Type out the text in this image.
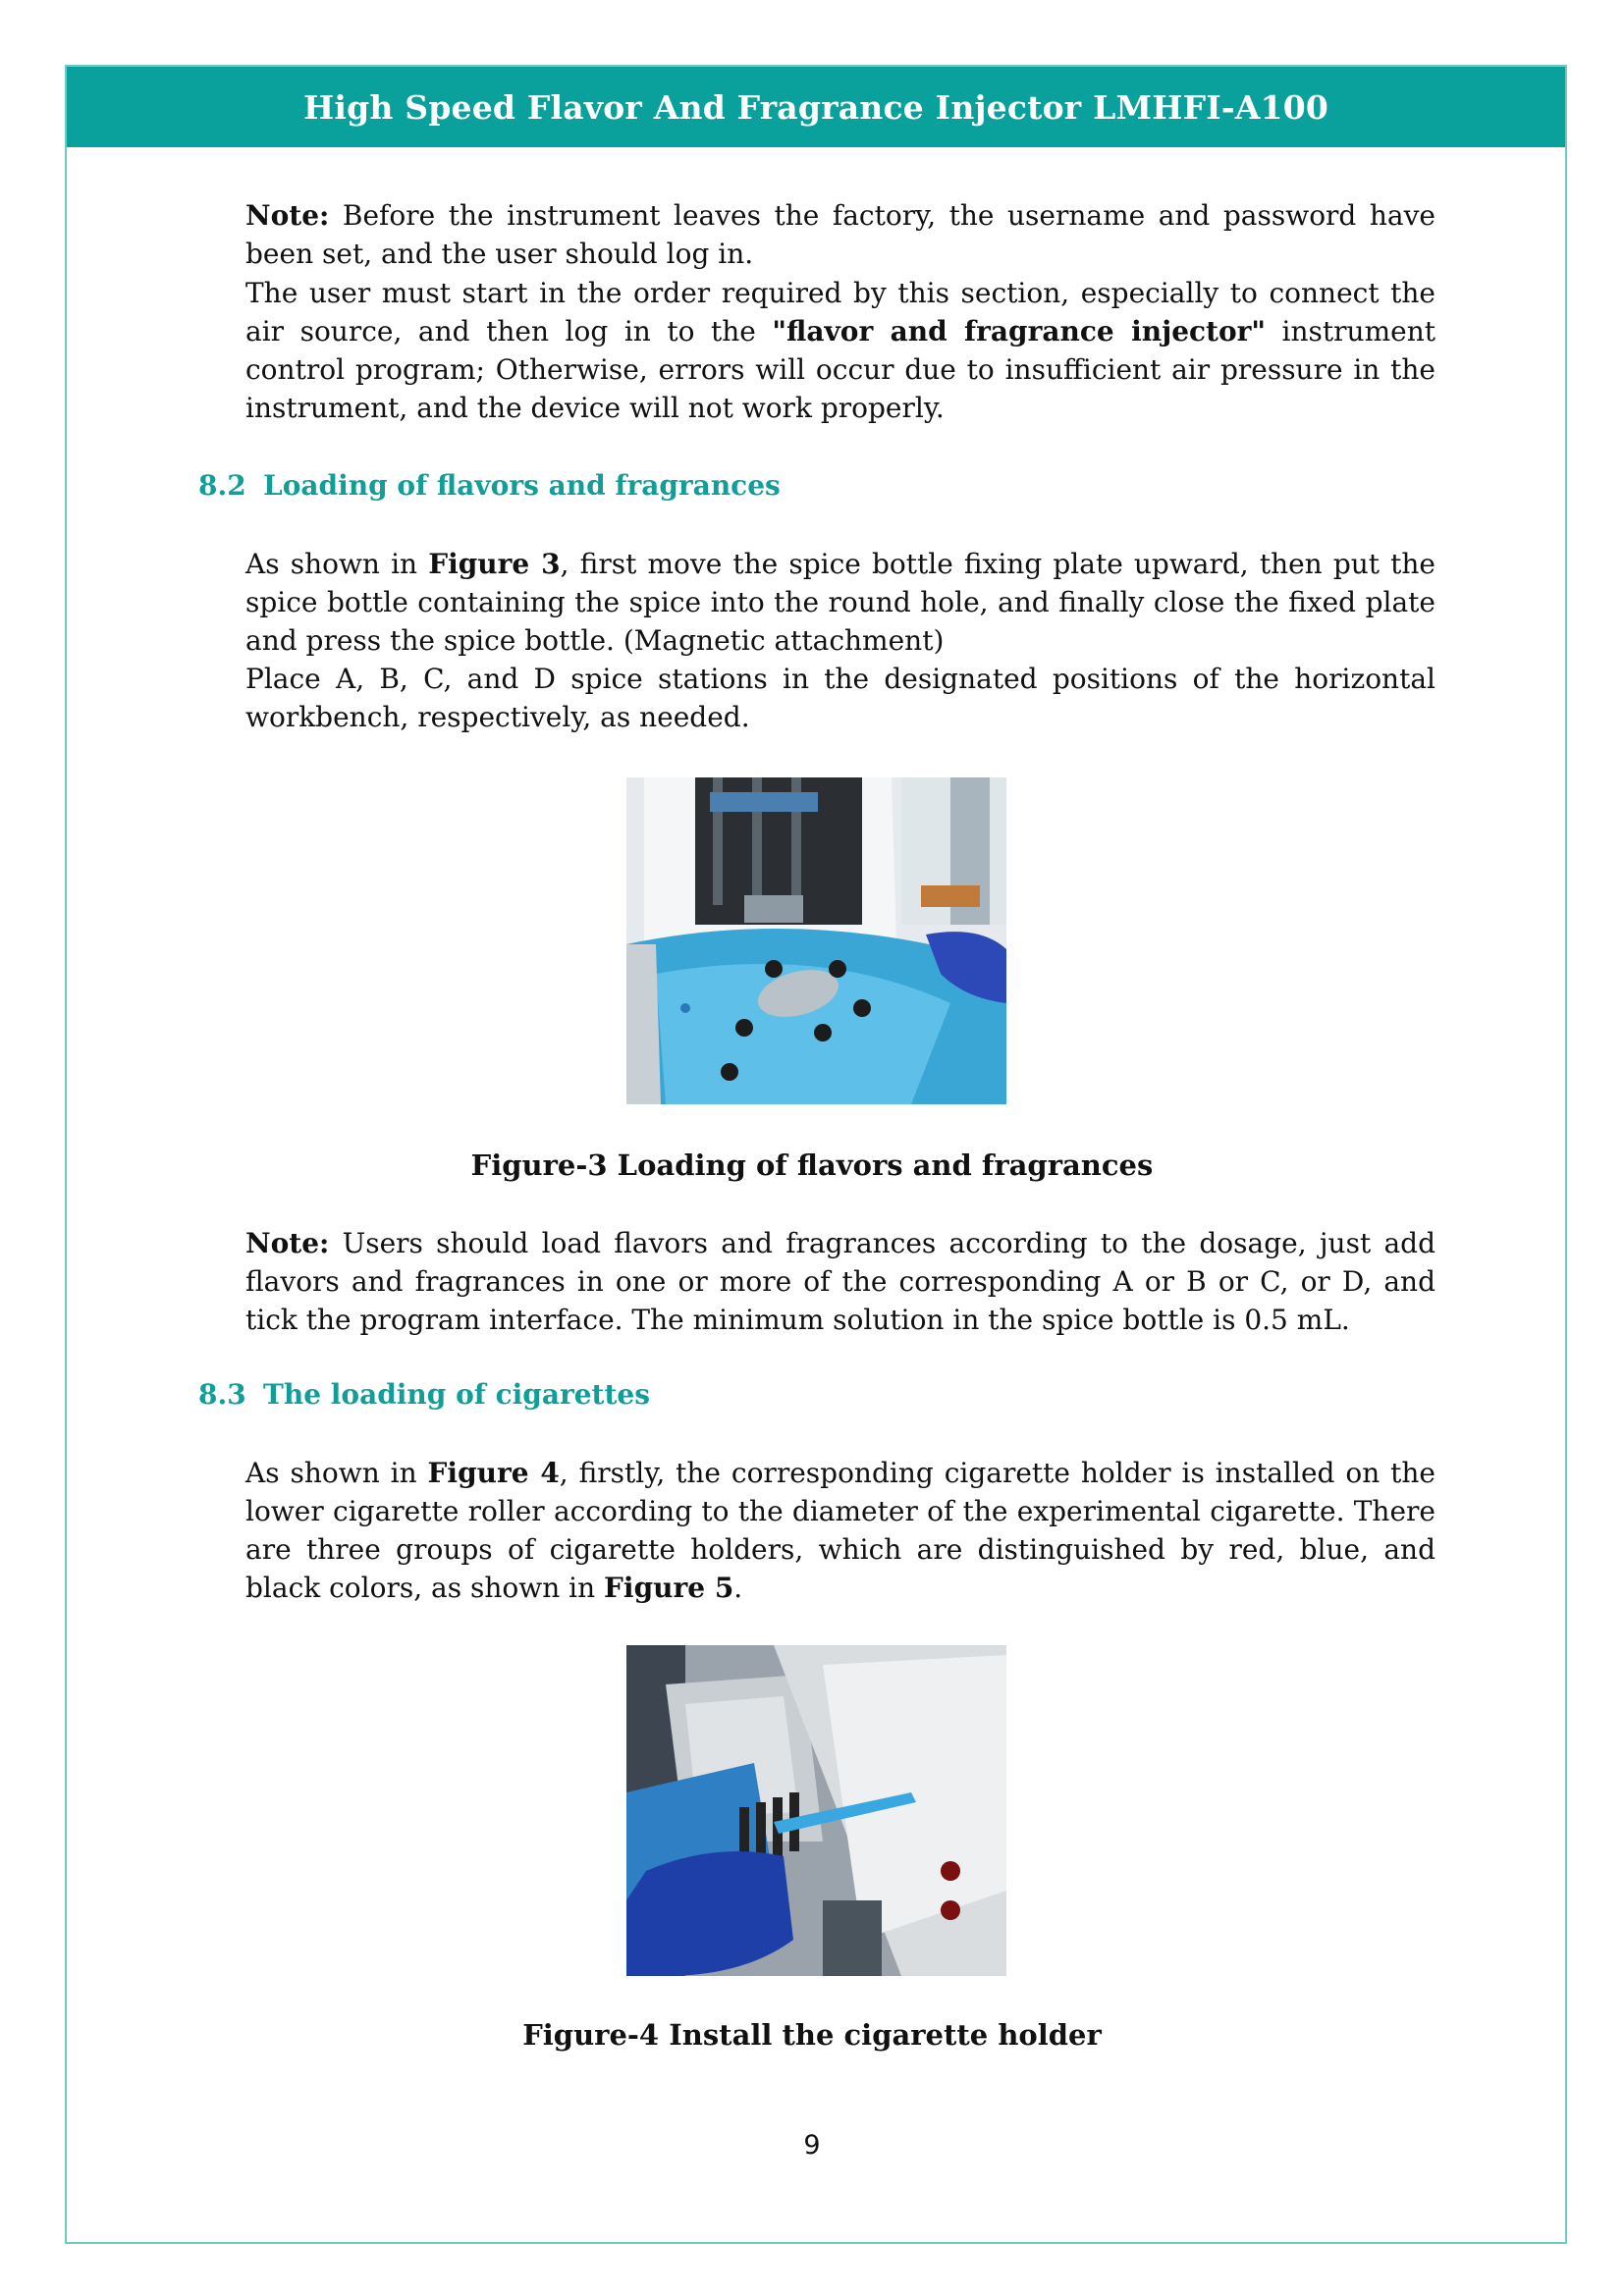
High Speed Flavor And Fragrance Injector LMHFI-A100
Note: Before the instrument leaves the factory, the username and password have been set, and the user should log in.
The user must start in the order required by this section, especially to connect the air source, and then log in to the "flavor and fragrance injector" instrument control program; Otherwise, errors will occur due to insufficient air pressure in the instrument, and the device will not work properly.
8.2 Loading of flavors and fragrances
As shown in Figure 3, first move the spice bottle fixing plate upward, then put the spice bottle containing the spice into the round hole, and finally close the fixed plate and press the spice bottle. (Magnetic attachment)
Place A, B, C, and D spice stations in the designated positions of the horizontal workbench, respectively, as needed.
Figure-3 Loading of flavors and fragrances
Note: Users should load flavors and fragrances according to the dosage, just add flavors and fragrances in one or more of the corresponding A or B or C, or D, and tick the program interface. The minimum solution in the spice bottle is 0.5 mL.
8.3 The loading of cigarettes
As shown in Figure 4, firstly, the corresponding cigarette holder is installed on the lower cigarette roller according to the diameter of the experimental cigarette. There are three groups of cigarette holders, which are distinguished by red, blue, and black colors, as shown in Figure 5.
Figure-4 Install the cigarette holder
9
